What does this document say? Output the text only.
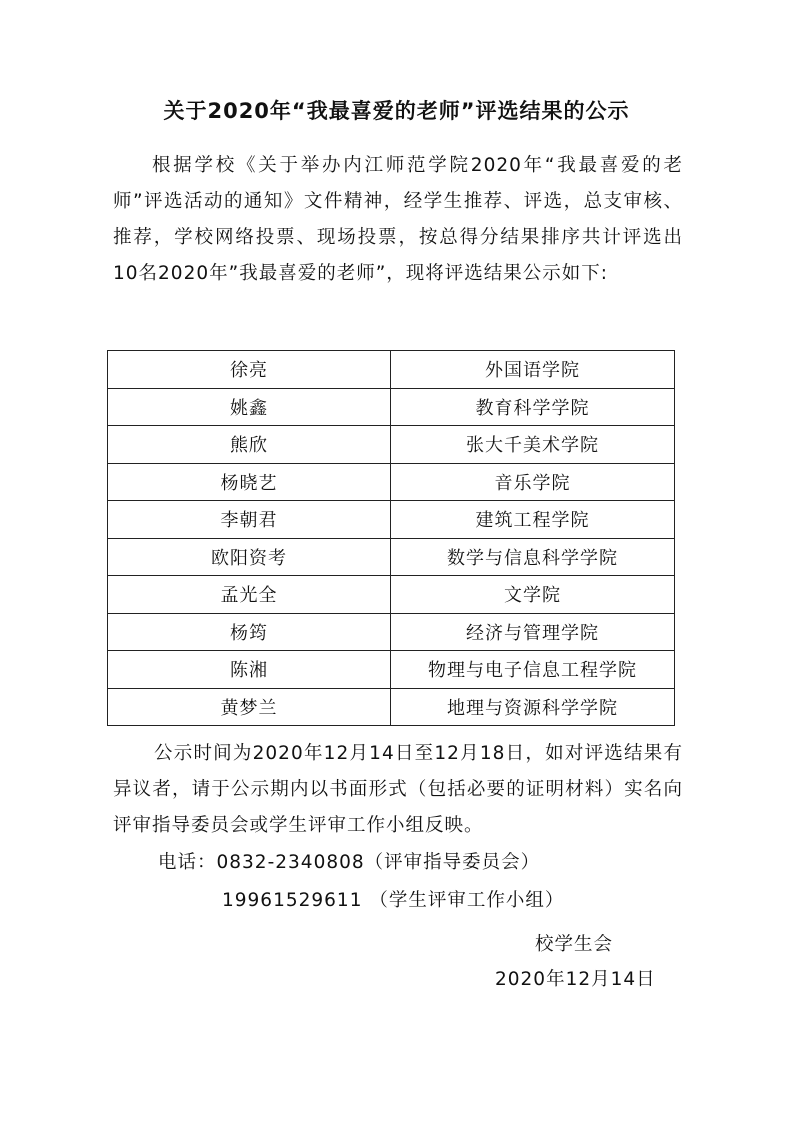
关于2020年“我最喜爱的老师”评选结果的公示

根据学校《关于举办内江师范学院2020年“我最喜爱的老师”评选活动的通知》文件精神，经学生推荐、评选，总支审核、推荐，学校网络投票、现场投票，按总得分结果排序共计评选出10名2020年”我最喜爱的老师”，现将评选结果公示如下:

徐亮	外国语学院
姚鑫	教育科学学院
熊欣	张大千美术学院
杨晓艺	音乐学院
李朝君	建筑工程学院
欧阳资考	数学与信息科学学院
孟光全	文学院
杨筠	经济与管理学院
陈湘	物理与电子信息工程学院
黄梦兰	地理与资源科学学院

公示时间为2020年12月14日至12月18日，如对评选结果有异议者，请于公示期内以书面形式（包括必要的证明材料）实名向评审指导委员会或学生评审工作小组反映。

电话：0832-2340808（评审指导委员会）
19961529611 （学生评审工作小组）
校学生会
2020年12月14日
